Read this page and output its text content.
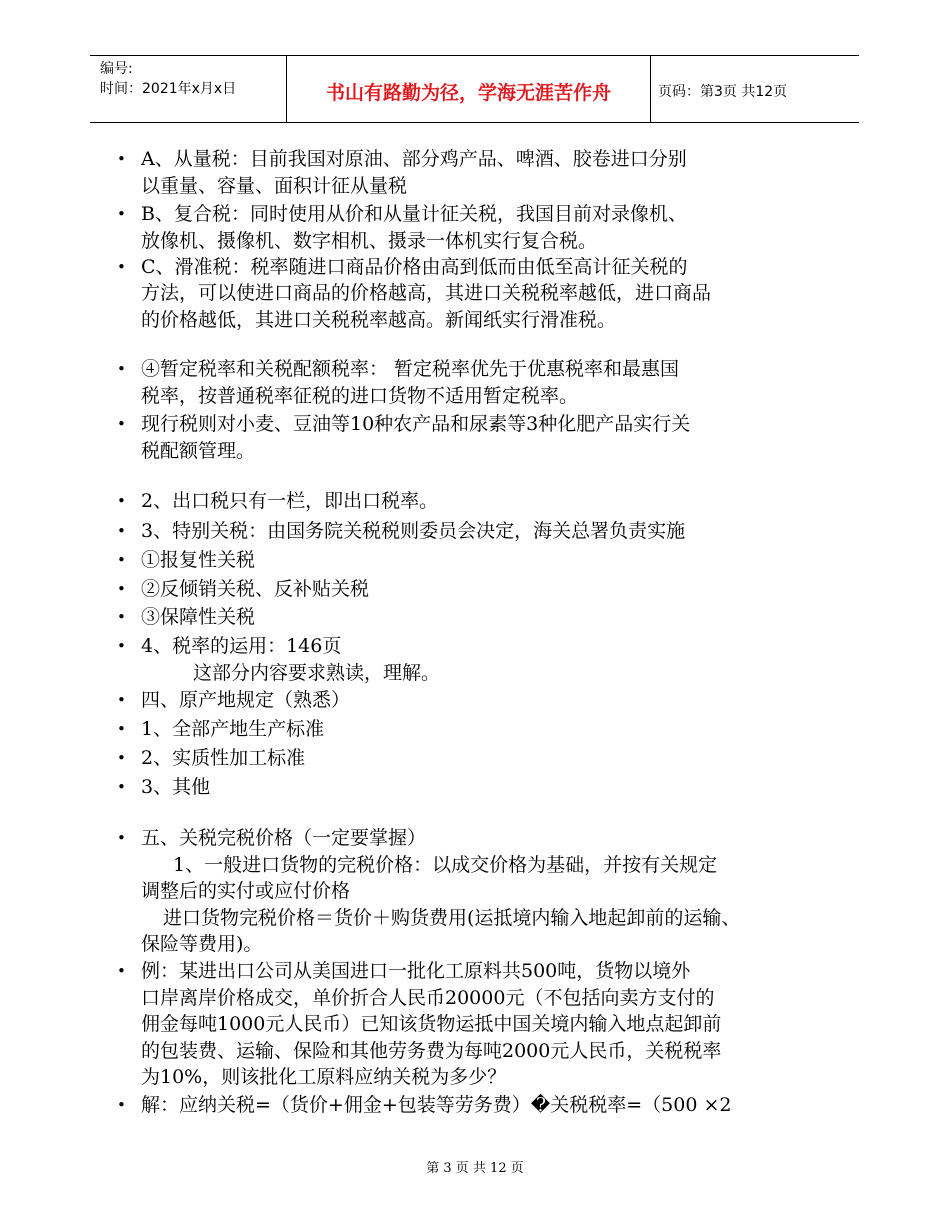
编号:
时间：2021年x月x日	书山有路勤为径，学海无涯苦作舟	页码：第3页 共12页
• A、从量税：目前我国对原油、部分鸡产品、啤酒、胶卷进口分别
以重量、容量、面积计征从量税
• B、复合税：同时使用从价和从量计征关税，我国目前对录像机、
放像机、摄像机、数字相机、摄录一体机实行复合税。
• C、滑准税：税率随进口商品价格由高到低而由低至高计征关税的
方法，可以使进口商品的价格越高，其进口关税税率越低，进口商品
的价格越低，其进口关税税率越高。新闻纸实行滑准税。
• ④暂定税率和关税配额税率： 暂定税率优先于优惠税率和最惠国
税率，按普通税率征税的进口货物不适用暂定税率。
• 现行税则对小麦、豆油等10种农产品和尿素等3种化肥产品实行关
税配额管理。
• 2、出口税只有一栏，即出口税率。
• 3、特别关税：由国务院关税税则委员会决定，海关总署负责实施
• ①报复性关税
• ②反倾销关税、反补贴关税
• ③保障性关税
• 4、税率的运用：146页
这部分内容要求熟读，理解。
• 四、原产地规定（熟悉）
• 1、全部产地生产标准
• 2、实质性加工标准
• 3、其他
• 五、关税完税价格（一定要掌握）
1、一般进口货物的完税价格：以成交价格为基础，并按有关规定
调整后的实付或应付价格
进口货物完税价格＝货价＋购货费用(运抵境内输入地起卸前的运输、
保险等费用)。
• 例：某进出口公司从美国进口一批化工原料共500吨，货物以境外
口岸离岸价格成交，单价折合人民币20000元（不包括向卖方支付的
佣金每吨1000元人民币）已知该货物运抵中国关境内输入地点起卸前
的包装费、运输、保险和其他劳务费为每吨2000元人民币，关税税率
为10%，则该批化工原料应纳关税为多少？
• 解：应纳关税=（货价+佣金+包装等劳务费）�关税税率=（500 ×2
第 3 页 共 12 页
